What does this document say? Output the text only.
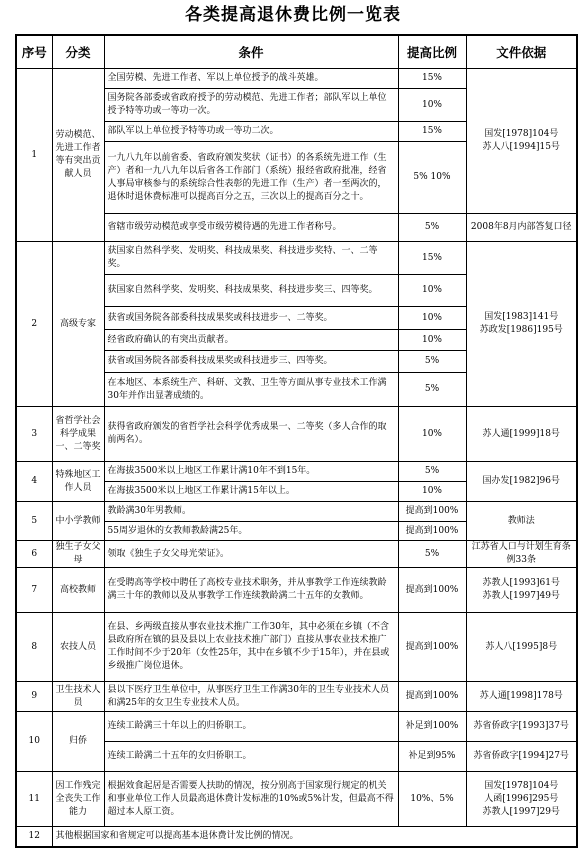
各类提高退休费比例一览表
序号	分类	条件	提高比例	文件依据
1	劳动模范、先进工作者等有突出贡献人员	全国劳模、先进工作者、军以上单位授予的战斗英雄。	15%	国发[1978]104号
苏人八[1994]15号
		国务院各部委或省政府授予的劳动模范、先进工作者；部队军以上单位授予特等功或一等功一次。	10%	
		部队军以上单位授予特等功或一等功二次。	15%	
		一九八九年以前省委、省政府颁发奖状（证书）的各系统先进工作（生产）者和一九八九年以后省各工作部门（系统）报经省政府批准，经省人事局审核参与的系统综合性表彰的先进工作（生产）者一至两次的，退休时退休费标准可以提高百分之五，三次以上的提高百分之十。	5% 10%	
		省辖市级劳动模范或享受市级劳模待遇的先进工作者称号。	5%	2008年8月内部答复口径
2	高级专家	获国家自然科学奖、发明奖、科技成果奖、科技进步奖特、一、二等奖。	15%	国发[1983]141号
苏政发[1986]195号
		获国家自然科学奖、发明奖、科技成果奖、科技进步奖三、四等奖。	10%	
		获省或国务院各部委科技成果奖或科技进步一、二等奖。	10%	
		经省政府确认的有突出贡献者。	10%	
		获省或国务院各部委科技成果奖或科技进步三、四等奖。	5%	
		在本地区、本系统生产、科研、文教、卫生等方面从事专业技术工作满30年并作出显著成绩的。	5%	
3	省哲学社会科学成果一、二等奖	获得省政府颁发的省哲学社会科学优秀成果一、二等奖（多人合作的取前两名）。	10%	苏人通[1999]18号
4	特殊地区工作人员	在海拔3500米以上地区工作累计满10年不到15年。	5%	国办发[1982]96号
		在海拔3500米以上地区工作累计满15年以上。	10%	
5	中小学教师	教龄满30年男教师。	提高到100%	教师法
		55周岁退休的女教师教龄满25年。	提高到100%	
6	独生子女父母	领取《独生子女父母光荣证》。	5%	江苏省人口与计划生育条例33条
7	高校教师	在受聘高等学校中聘任了高校专业技术职务，并从事教学工作连续教龄满三十年的教师以及从事教学工作连续教龄满二十五年的女教师。	提高到100%	苏教人[1993]61号
苏教人[1997]49号
8	农技人员	在县、乡两级直接从事农业技术推广工作30年，其中必须在乡镇（不含县政府所在镇的县及县以上农业技术推广部门）直接从事农业技术推广工作时间不少于20年（女性25年，其中在乡镇不少于15年），并在县或乡级推广岗位退休。	提高到100%	苏人八[1995]8号
9	卫生技术人员	县以下医疗卫生单位中，从事医疗卫生工作满30年的卫生专业技术人员和满25年的女卫生专业技术人员。	提高到100%	苏人通[1998]178号
10	归侨	连续工龄满三十年以上的归侨职工。	补足到100%	苏省侨政字[1993]37号
		连续工龄满二十五年的女归侨职工。	补足到95%	苏省侨政字[1994]27号
11	因工作残完全丧失工作能力	根据效食起居是否需要人扶助的情况，按分别高于国家现行规定的机关和事业单位工作人员最高退休费计发标准的10%或5%计发，但最高不得超过本人原工资。	10%、5%	国发[1978]104号
人函[1996]295号
苏教人[1997]29号
12	其他根据国家和省规定可以提高基本退休费计发比例的情况。			
